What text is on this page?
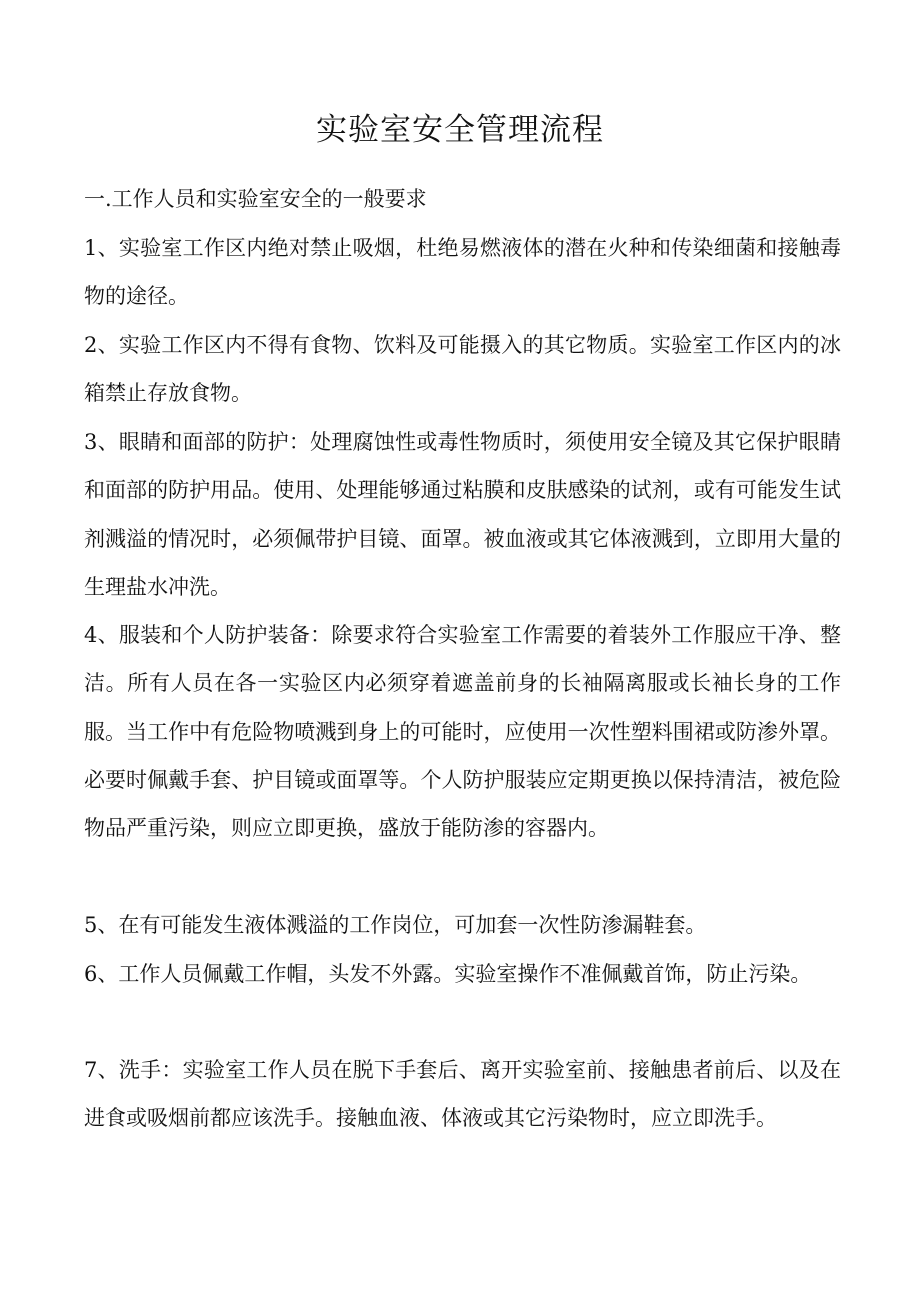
实验室安全管理流程
一.工作人员和实验室安全的一般要求
1、实验室工作区内绝对禁止吸烟，杜绝易燃液体的潜在火种和传染细菌和接触毒物的途径。
2、实验工作区内不得有食物、饮料及可能摄入的其它物质。实验室工作区内的冰箱禁止存放食物。
3、眼睛和面部的防护：处理腐蚀性或毒性物质时，须使用安全镜及其它保护眼睛和面部的防护用品。使用、处理能够通过粘膜和皮肤感染的试剂，或有可能发生试剂溅溢的情况时，必须佩带护目镜、面罩。被血液或其它体液溅到，立即用大量的生理盐水冲洗。
4、服装和个人防护装备：除要求符合实验室工作需要的着装外工作服应干净、整洁。所有人员在各一实验区内必须穿着遮盖前身的长袖隔离服或长袖长身的工作服。当工作中有危险物喷溅到身上的可能时，应使用一次性塑料围裙或防渗外罩。必要时佩戴手套、护目镜或面罩等。个人防护服装应定期更换以保持清洁，被危险物品严重污染，则应立即更换，盛放于能防渗的容器内。
5、在有可能发生液体溅溢的工作岗位，可加套一次性防渗漏鞋套。
6、工作人员佩戴工作帽，头发不外露。实验室操作不准佩戴首饰，防止污染。
7、洗手：实验室工作人员在脱下手套后、离开实验室前、接触患者前后、以及在进食或吸烟前都应该洗手。接触血液、体液或其它污染物时，应立即洗手。
